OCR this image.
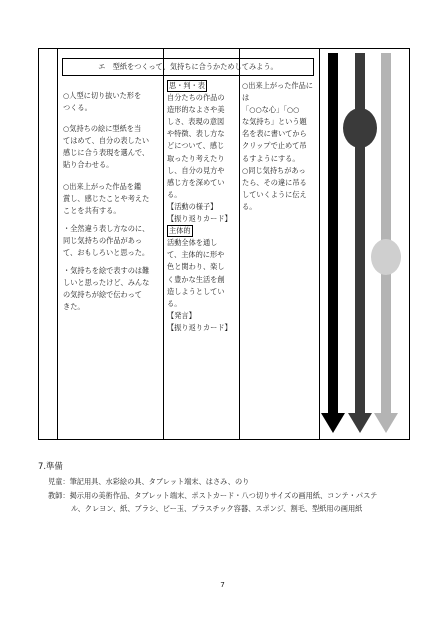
エ　型紙をつくって、気持ちに合うかためしてみよう。

○人型に切り抜いた形を

つくる。

○気持ちの絵に型紙を当

てはめて、自分の表したい

感じに合う表現を選んで、

貼り合わせる。

○出来上がった作品を鑑

賞し、感じたことや考えた

ことを共有する。

・全然違う表し方なのに、

同じ気持ちの作品があっ

て、おもしろいと思った。

・気持ちを絵で表すのは難

しいと思ったけど、みんな

の気持ちが絵で伝わって

きた。

思・判・表

自分たちの作品の

造形的なよさや美

しさ、表現の意図

や特徴、表し方な

どについて、感じ

取ったり考えたり

し、自分の見方や

感じ方を深めてい

る。

【活動の様子】

【振り返りカード】

主体的

活動全体を通し

て、主体的に形や

色と関わり、楽し

く豊かな生活を創

造しようとしてい

る。

【発言】

【振り返りカード】

○出来上がった作品には

「○○な心」「○○

な気持ち」という題

名を表に書いてから

クリップで止めて吊

るすようにする。

○同じ気持ちがあっ

たら、その違に吊る

していくように伝え

る。

7.準備

児童：筆記用具、水彩絵の具、タブレット端末、はさみ、のり

教師：掲示用の美術作品、タブレット端末、ポストカード・八つ切りサイズの画用紙、コンテ・パステ

ル、クレヨン、紙、ブラシ、ビー玉、プラスチック容器、スポンジ、割毛、型紙用の画用紙

7
